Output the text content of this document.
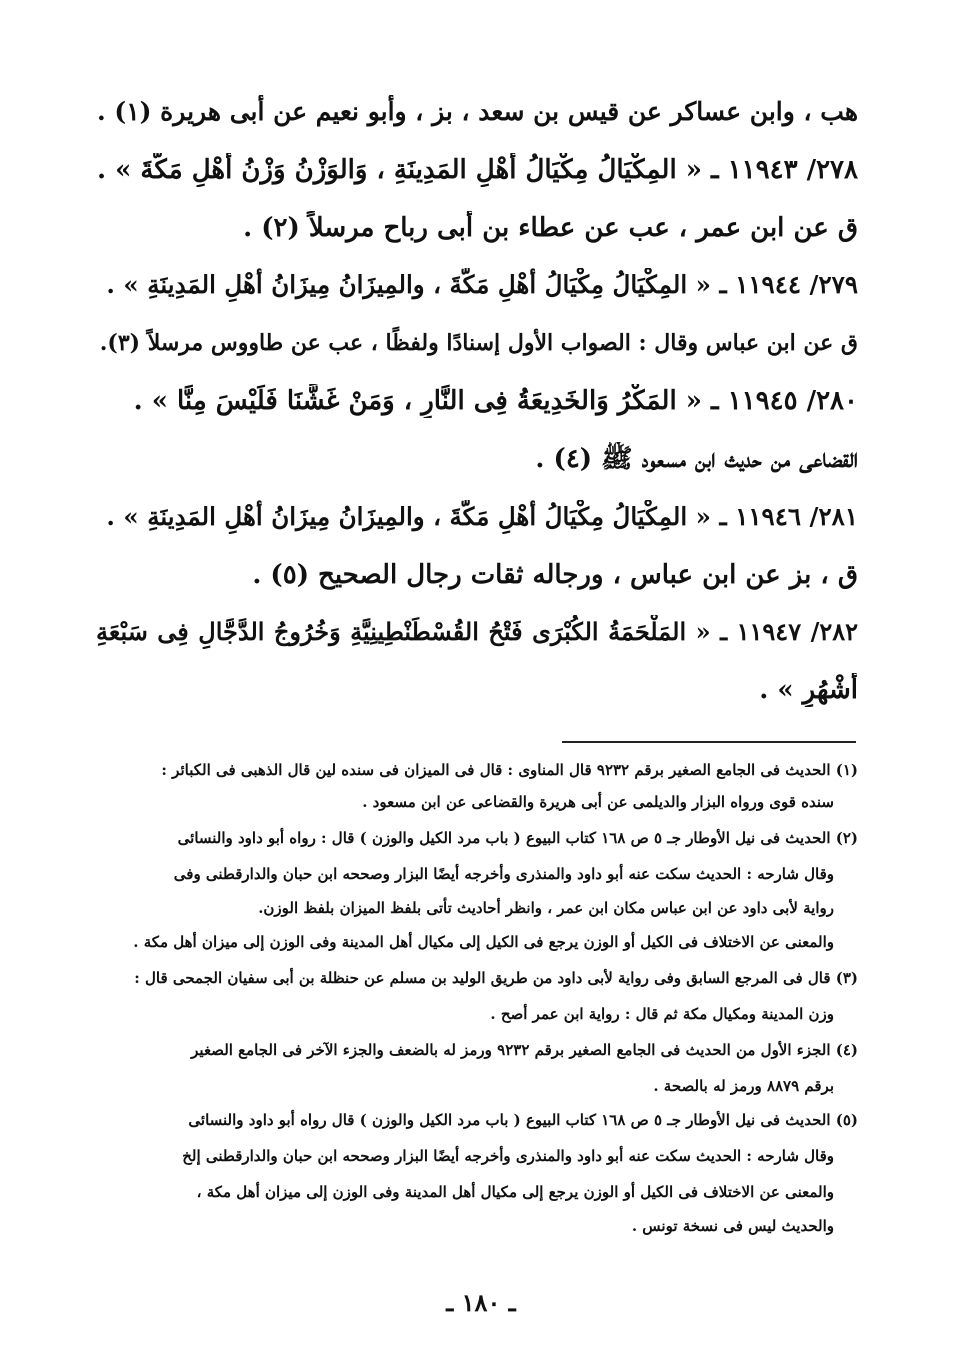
هب ، وابن عساكر عن قيس بن سعد ، بز ، وأبو نعيم عن أبى هريرة (١) .
٢٧٨/ ١١٩٤٣ ـ « المِكْيَالُ مِكْيَالُ أَهْلِ المَدِينَةِ ، وَالوَزْنُ وَزْنُ أَهْلِ مَكَّةَ » .
ق عن ابن عمر ، عب عن عطاء بن أبى رباح مرسلاً (٢) .
٢٧٩/ ١١٩٤٤ ـ « المِكْيَالُ مِكْيَالُ أَهْلِ مَكَّةَ ، والمِيزَانُ مِيزَانُ أَهْلِ المَدِينَةِ » .
ق عن ابن عباس وقال : الصواب الأول إسنادًا ولفظًا ، عب عن طاووس مرسلاً (٣).
٢٨٠/ ١١٩٤٥ ـ « المَكْرُ وَالخَدِيعَةُ فِى النَّارِ ، وَمَنْ غَشَّنَا فَلَيْسَ مِنَّا » .
القضاعى من حديث ابن مسعود ﷺ (٤) .
٢٨١/ ١١٩٤٦ ـ « المِكْيَالُ مِكْيَالُ أَهْلِ مَكَّةَ ، والمِيزَانُ مِيزَانُ أَهْلِ المَدِينَةِ » .
ق ، بز عن ابن عباس ، ورجاله ثقات رجال الصحيح (٥) .
٢٨٢/ ١١٩٤٧ ـ « المَلْحَمَةُ الكُبْرَى فَتْحُ القُسْطَنْطِينِيَّةِ وَخُرُوجُ الدَّجَّالِ فِى سَبْعَةِ
أَشْهُرٍ » .
(١) الحديث فى الجامع الصغير برقم ٩٢٣٢ قال المناوى : قال فى الميزان فى سنده لين قال الذهبى فى الكبائر :
سنده قوى ورواه البزار والديلمى عن أبى هريرة والقضاعى عن ابن مسعود .
(٢) الحديث فى نيل الأوطار جـ ٥ ص ١٦٨ كتاب البيوع ( باب مرد الكيل والوزن ) قال : رواه أبو داود والنسائى
وقال شارحه : الحديث سكت عنه أبو داود والمنذرى وأخرجه أيضًا البزار وصححه ابن حبان والدارقطنى وفى
رواية لأبى داود عن ابن عباس مكان ابن عمر ، وانظر أحاديث تأتى بلفظ الميزان بلفظ الوزن.
والمعنى عن الاختلاف فى الكيل أو الوزن يرجع فى الكيل إلى مكيال أهل المدينة وفى الوزن إلى ميزان أهل مكة .
(٣) قال فى المرجع السابق وفى رواية لأبى داود من طريق الوليد بن مسلم عن حنظلة بن أبى سفيان الجمحى قال :
وزن المدينة ومكيال مكة ثم قال : رواية ابن عمر أصح .
(٤) الجزء الأول من الحديث فى الجامع الصغير برقم ٩٢٣٢ ورمز له بالضعف والجزء الآخر فى الجامع الصغير
برقم ٨٨٧٩ ورمز له بالصحة .
(٥) الحديث فى نيل الأوطار جـ ٥ ص ١٦٨ كتاب البيوع ( باب مرد الكيل والوزن ) قال رواه أبو داود والنسائى
وقال شارحه : الحديث سكت عنه أبو داود والمنذرى وأخرجه أيضًا البزار وصححه ابن حبان والدارقطنى إلخ
والمعنى عن الاختلاف فى الكيل أو الوزن يرجع إلى مكيال أهل المدينة وفى الوزن إلى ميزان أهل مكة ،
والحديث ليس فى نسخة تونس .
ـ ١٨٠ ـ
